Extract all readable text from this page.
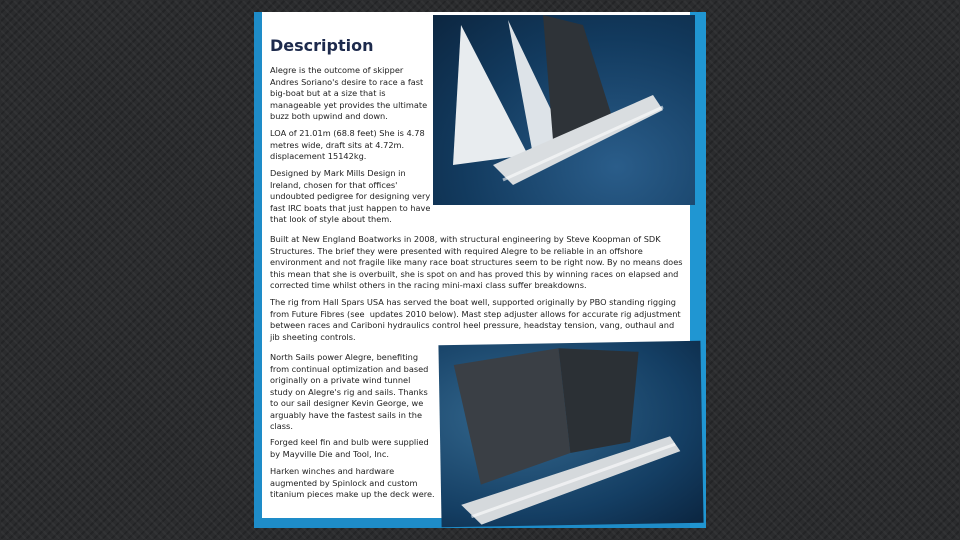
Description

Alegre is the outcome of skipper
Andres Soriano's desire to race a fast
big-boat but at a size that is
manageable yet provides the ultimate
buzz both upwind and down.

LOA of 21.01m (68.8 feet) She is 4.78
metres wide, draft sits at 4.72m.
displacement 15142kg.

Designed by Mark Mills Design in
Ireland, chosen for that offices'
undoubted pedigree for designing very
fast IRC boats that just happen to have
that look of style about them.

Built at New England Boatworks in 2008, with structural engineering by Steve Koopman of SDK
Structures. The brief they were presented with required Alegre to be reliable in an offshore
environment and not fragile like many race boat structures seem to be right now. By no means does
this mean that she is overbuilt, she is spot on and has proved this by winning races on elapsed and
corrected time whilst others in the racing mini-maxi class suffer breakdowns.

The rig from Hall Spars USA has served the boat well, supported originally by PBO standing rigging
from Future Fibres (see  updates 2010 below). Mast step adjuster allows for accurate rig adjustment
between races and Cariboni hydraulics control heel pressure, headstay tension, vang, outhaul and
jib sheeting controls.

North Sails power Alegre, benefiting
from continual optimization and based
originally on a private wind tunnel
study on Alegre's rig and sails. Thanks
to our sail designer Kevin George, we
arguably have the fastest sails in the
class.

Forged keel fin and bulb were supplied
by Mayville Die and Tool, Inc.

Harken winches and hardware
augmented by Spinlock and custom
titanium pieces make up the deck were.
